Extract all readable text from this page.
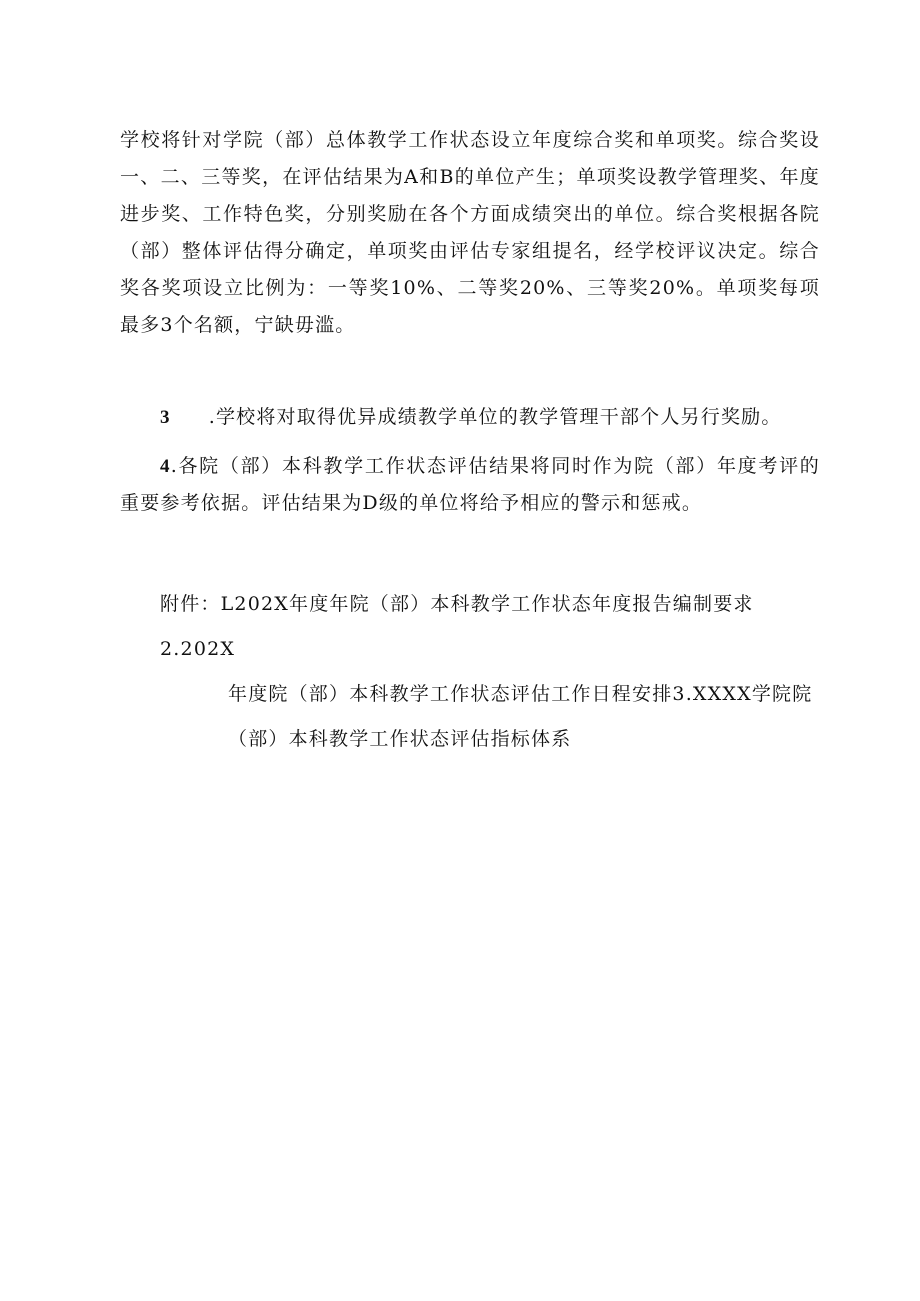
学校将针对学院（部）总体教学工作状态设立年度综合奖和单项奖。综合奖设一、二、三等奖，在评估结果为A和B的单位产生；单项奖设教学管理奖、年度进步奖、工作特色奖，分别奖励在各个方面成绩突出的单位。综合奖根据各院（部）整体评估得分确定，单项奖由评估专家组提名，经学校评议决定。综合奖各奖项设立比例为：一等奖10%、二等奖20%、三等奖20%。单项奖每项最多3个名额，宁缺毋滥。

3 .学校将对取得优异成绩教学单位的教学管理干部个人另行奖励。

4.各院（部）本科教学工作状态评估结果将同时作为院（部）年度考评的重要参考依据。评估结果为D级的单位将给予相应的警示和惩戒。

附件：L202X年度年院（部）本科教学工作状态年度报告编制要求2.202X
年度院（部）本科教学工作状态评估工作日程安排3.XXXX学院院
（部）本科教学工作状态评估指标体系
